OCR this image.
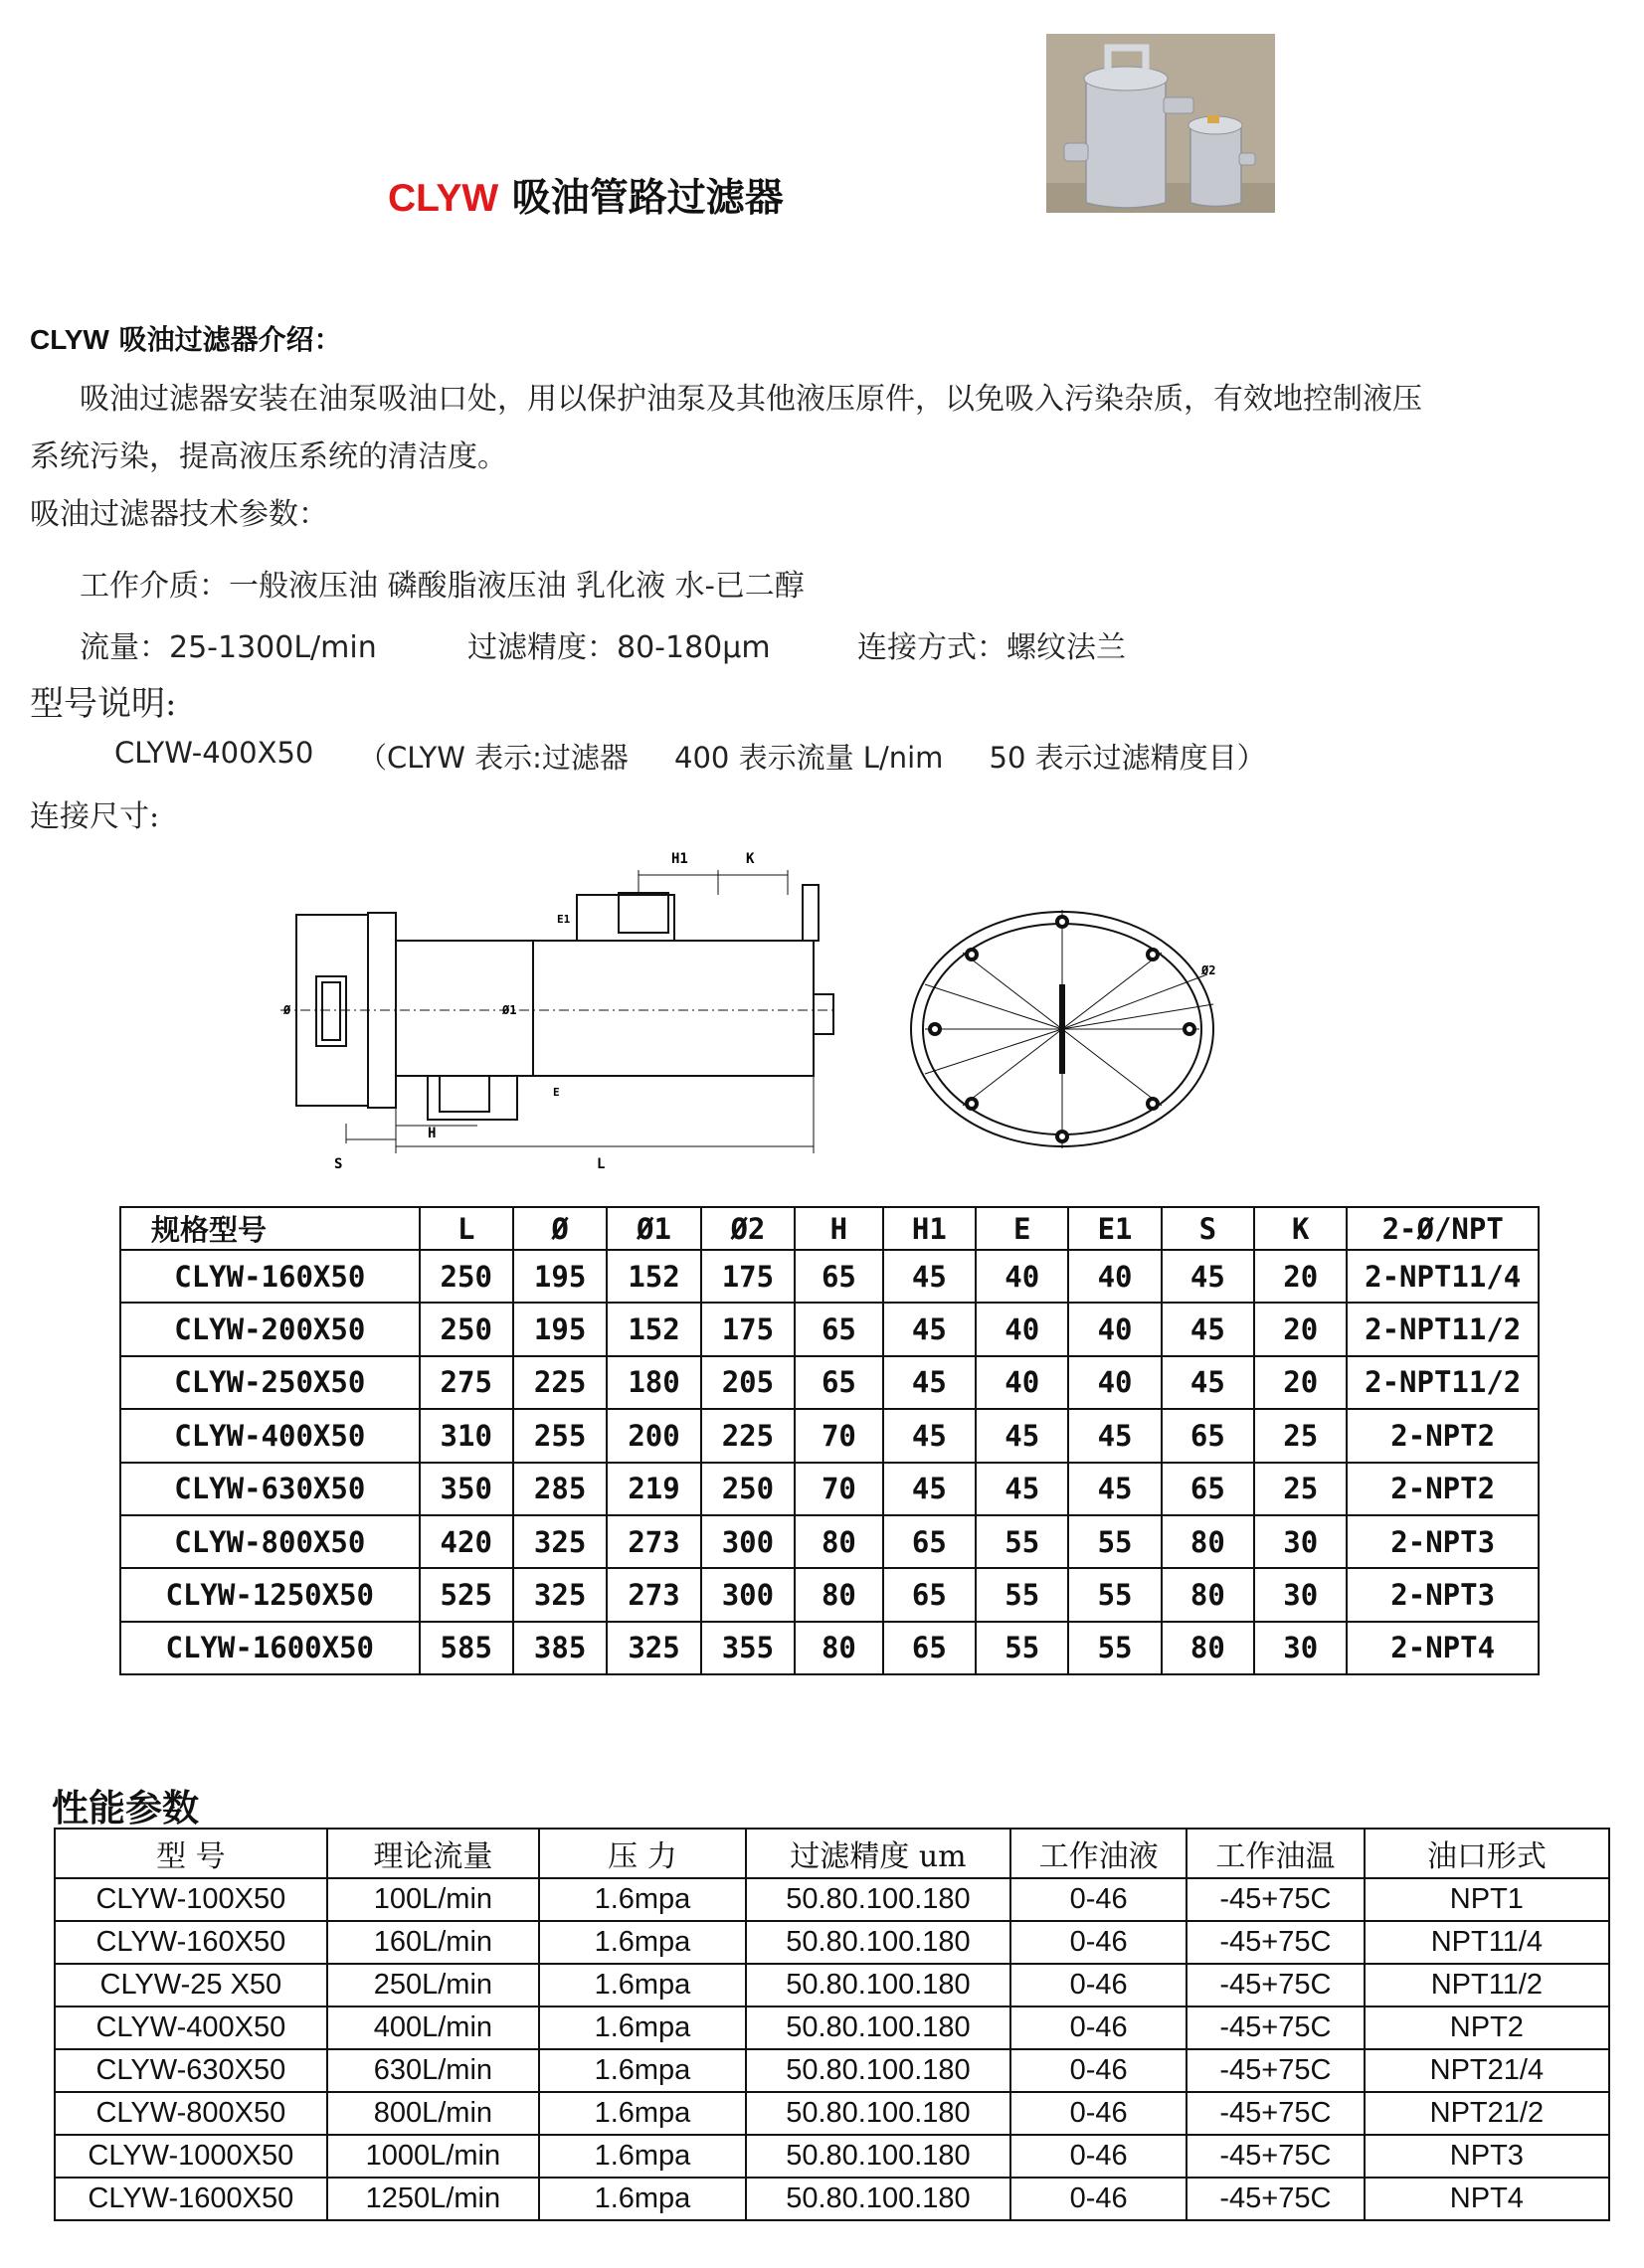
CLYW 吸油管路过滤器
CLYW 吸油过滤器介绍：
吸油过滤器安装在油泵吸油口处，用以保护油泵及其他液压原件，以免吸入污染杂质，有效地控制液压
系统污染，提高液压系统的清洁度。
吸油过滤器技术参数：
工作介质：一般液压油 磷酸脂液压油 乳化液 水-已二醇
流量：25-1300L/min	过滤精度：80-180μm	连接方式：螺纹法兰
型号说明:
CLYW-400X50 （CLYW 表示:过滤器     400 表示流量 L/nim     50 表示过滤精度目）
连接尺寸:
H1	K
E1
E
Ø	Ø1
H
S	L
Ø2
规格型号	L	Ø	Ø1	Ø2	H	H1	E	E1	S	K	2-Ø/NPT
CLYW-160X50	250	195	152	175	65	45	40	40	45	20	2-NPT11/4
CLYW-200X50	250	195	152	175	65	45	40	40	45	20	2-NPT11/2
CLYW-250X50	275	225	180	205	65	45	40	40	45	20	2-NPT11/2
CLYW-400X50	310	255	200	225	70	45	45	45	65	25	2-NPT2
CLYW-630X50	350	285	219	250	70	45	45	45	65	25	2-NPT2
CLYW-800X50	420	325	273	300	80	65	55	55	80	30	2-NPT3
CLYW-1250X50	525	325	273	300	80	65	55	55	80	30	2-NPT3
CLYW-1600X50	585	385	325	355	80	65	55	55	80	30	2-NPT4
性能参数
型 号	理论流量	压 力	过滤精度 um	工作油液	工作油温	油口形式
CLYW-100X50	100L/min	1.6mpa	50.80.100.180	0-46	-45+75C	NPT1
CLYW-160X50	160L/min	1.6mpa	50.80.100.180	0-46	-45+75C	NPT11/4
CLYW-25 X50	250L/min	1.6mpa	50.80.100.180	0-46	-45+75C	NPT11/2
CLYW-400X50	400L/min	1.6mpa	50.80.100.180	0-46	-45+75C	NPT2
CLYW-630X50	630L/min	1.6mpa	50.80.100.180	0-46	-45+75C	NPT21/4
CLYW-800X50	800L/min	1.6mpa	50.80.100.180	0-46	-45+75C	NPT21/2
CLYW-1000X50	1000L/min	1.6mpa	50.80.100.180	0-46	-45+75C	NPT3
CLYW-1600X50	1250L/min	1.6mpa	50.80.100.180	0-46	-45+75C	NPT4
